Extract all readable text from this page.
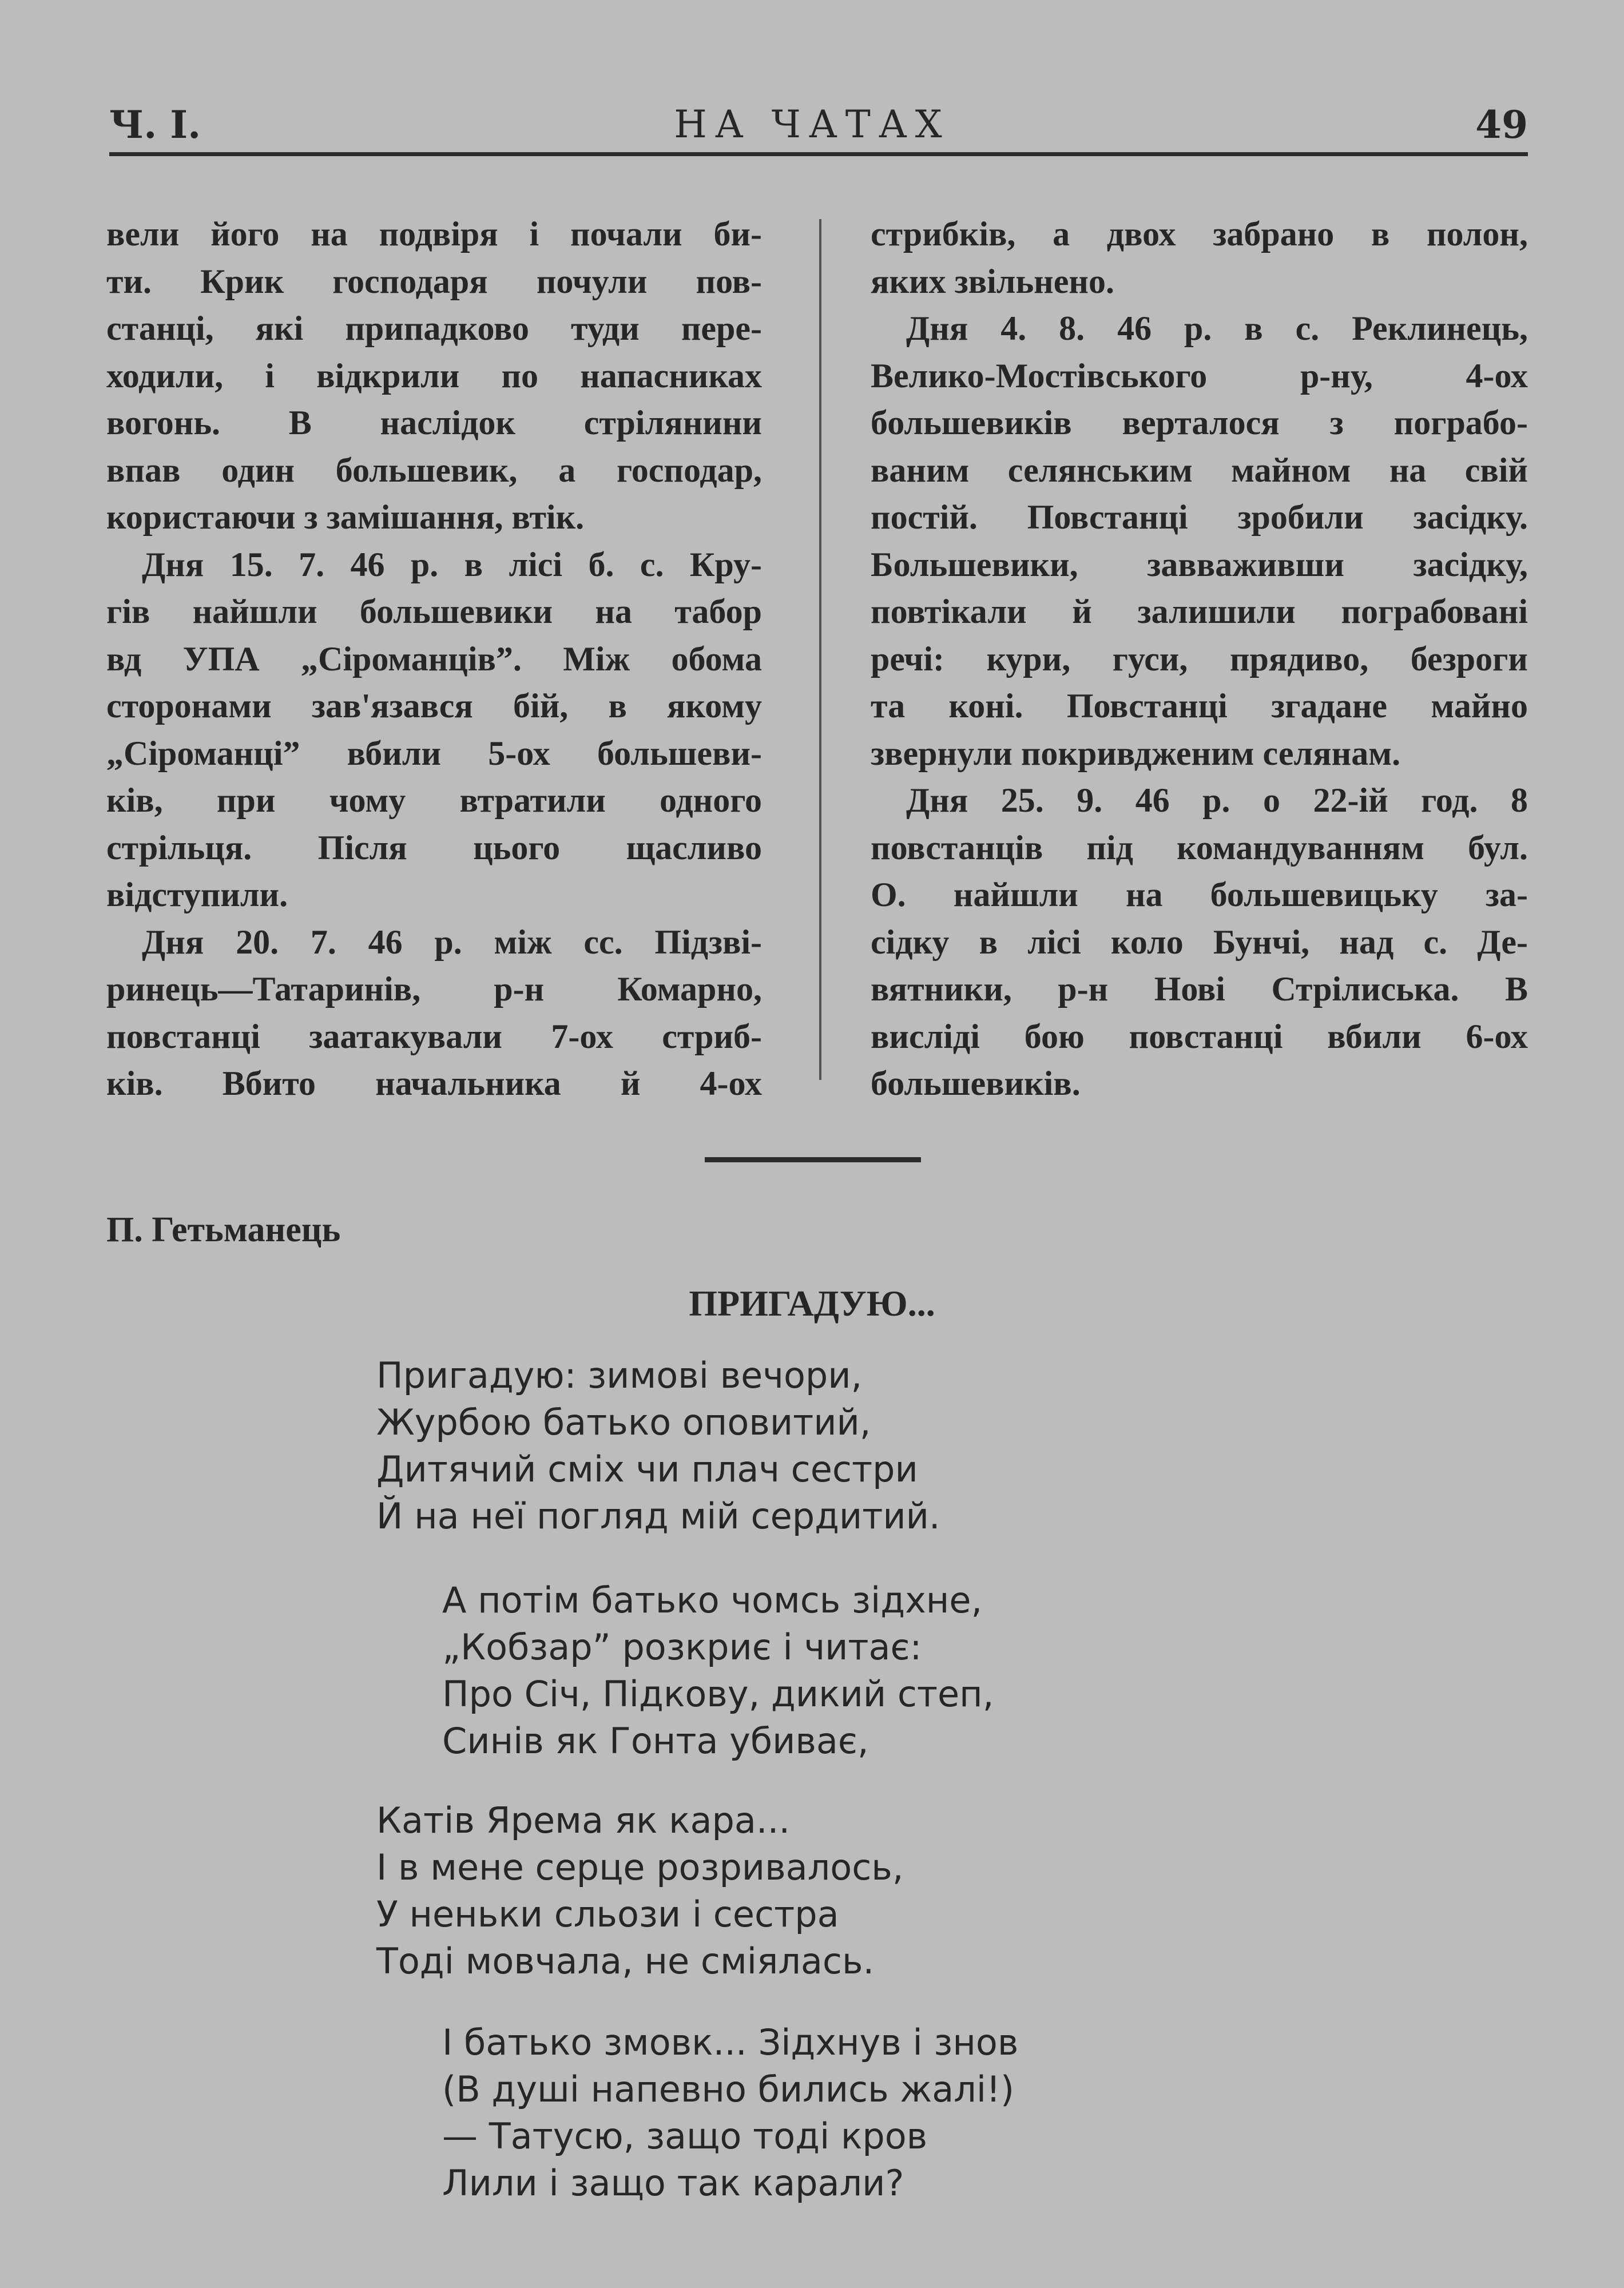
Ч. I.	НА ЧАТАХ	49
вели його на подвіря і почали би-
ти. Крик господаря почули пов-
станці, які припадково туди пере-
ходили, і відкрили по напасниках
вогонь. В наслідок стрілянини
впав один большевик, а господар,
користаючи з замішання, втік.
Дня 15. 7. 46 р. в лісі б. с. Кру-
гів найшли большевики на табор
вд УПА „Сіроманців”. Між обома
сторонами зав'язався бій, в якому
„Сіроманці” вбили 5-ох большеви-
ків, при чому втратили одного
стрільця. Після цього щасливо
відступили.
Дня 20. 7. 46 р. між сс. Підзві-
ринець—Татаринів, р-н Комарно,
повстанці заатакували 7-ох стриб-
ків. Вбито начальника й 4-ох
стрибків, а двох забрано в полон,
яких звільнено.
Дня 4. 8. 46 р. в с. Реклинець,
Велико-Мостівського р-ну, 4-ох
большевиків верталося з пограбо-
ваним селянським майном на свій
постій. Повстанці зробили засідку.
Большевики, завваживши засідку,
повтікали й залишили пограбовані
речі: кури, гуси, прядиво, безроги
та коні. Повстанці згадане майно
звернули покривдженим селянам.
Дня 25. 9. 46 р. о 22-ій год. 8
повстанців під командуванням бул.
О. найшли на большевицьку за-
сідку в лісі коло Бунчі, над с. Де-
вятники, р-н Нові Стрілиська. В
висліді бою повстанці вбили 6-ох
большевиків.
П. Гетьманець
ПРИГАДУЮ...
Пригадую: зимові вечори,
Журбою батько оповитий,
Дитячий сміх чи плач сестри
Й на неї погляд мій сердитий.
А потім батько чомсь зідхне,
„Кобзар” розкриє і читає:
Про Січ, Підкову, дикий степ,
Синів як Гонта убиває,
Катів Ярема як кара...
І в мене серце розривалось,
У неньки сльози і сестра
Тоді мовчала, не сміялась.
І батько змовк... Зідхнув і знов
(В душі напевно бились жалі!)
— Татусю, защо тоді кров
Лили і защо так карали?
